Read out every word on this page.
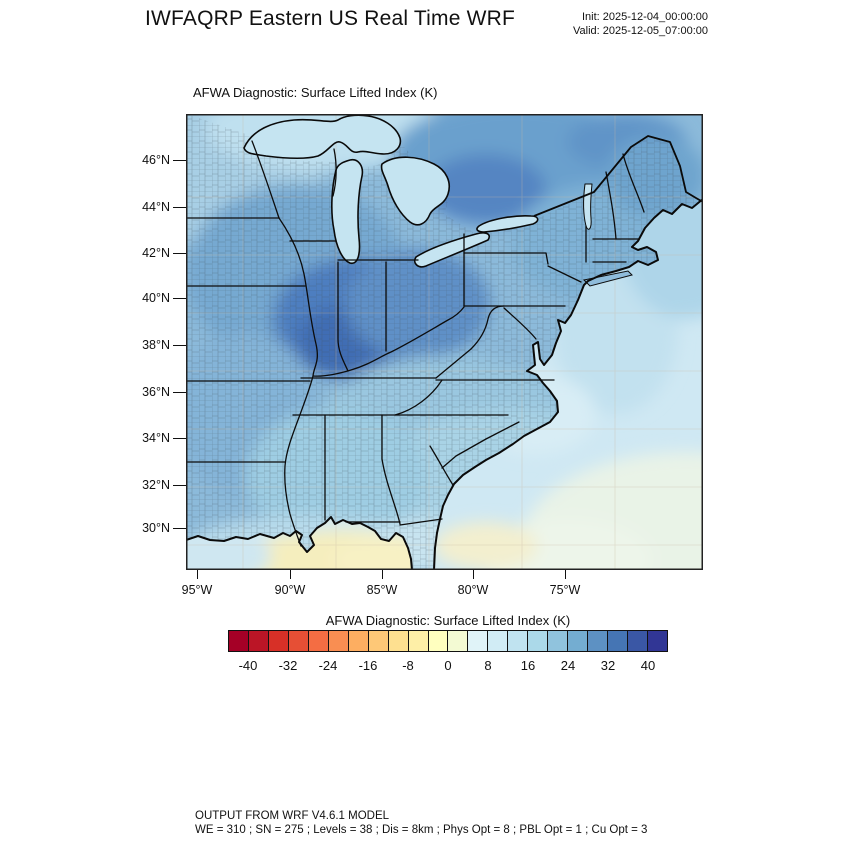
IWFAQRP Eastern US Real Time WRF	Init: 2025-12-04_00:00:00
Valid: 2025-12-05_07:00:00
AFWA Diagnostic: Surface Lifted Index (K)
46°N
44°N
42°N
40°N
38°N
36°N
34°N
32°N
30°N
95°W	90°W	85°W	80°W	75°W
AFWA Diagnostic: Surface Lifted Index (K)
-40	-32	-24	-16	-8	0	8	16	24	32	40
OUTPUT FROM WRF V4.6.1 MODEL
WE = 310 ; SN = 275 ; Levels = 38 ; Dis = 8km ; Phys Opt = 8 ; PBL Opt = 1 ; Cu Opt = 3
